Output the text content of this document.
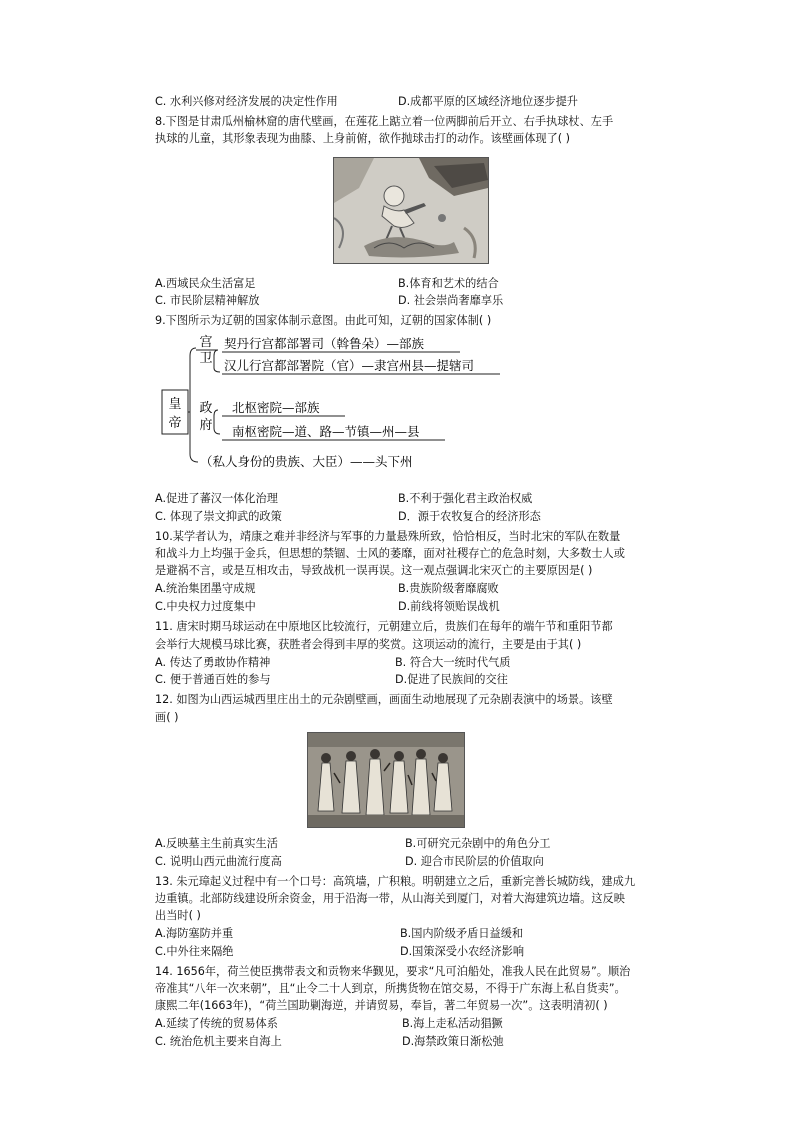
C. 水利兴修对经济发展的决定性作用	D.成都平原的区域经济地位逐步提升
8.下图是甘肃瓜州榆林窟的唐代壁画，在莲花上踮立着一位两脚前后开立、右手执球杖、左手
执球的儿童，其形象表现为曲膝、上身前俯，欲作抛球击打的动作。该壁画体现了( )
A.西域民众生活富足	B.体育和艺术的结合
C. 市民阶层精神解放	D. 社会崇尚奢靡享乐
9.下图所示为辽朝的国家体制示意图。由此可知，辽朝的国家体制( )
皇
帝
宫
卫
政
府
契丹行宫都部署司（斡鲁朵）—部族
汉儿行宫都部署院（官）—隶宫州县—提辖司
北枢密院—部族
南枢密院—道、路—节镇—州—县
（私人身份的贵族、大臣）——头下州
A.促进了蕃汉一体化治理	B.不利于强化君主政治权威
C. 体现了崇文抑武的政策	D．源于农牧复合的经济形态
10.某学者认为，靖康之难并非经济与军事的力量悬殊所致，恰恰相反，当时北宋的军队在数量
和战斗力上均强于金兵，但思想的禁锢、士风的萎靡，面对社稷存亡的危急时刻，大多数士人或
是避祸不言，或是互相攻击，导致战机一误再误。这一观点强调北宋灭亡的主要原因是( )
A.统治集团墨守成规	B.贵族阶级奢靡腐败
C.中央权力过度集中	D.前线将领贻误战机
11. 唐宋时期马球运动在中原地区比较流行，元朝建立后，贵族们在每年的端午节和重阳节都
会举行大规模马球比赛，获胜者会得到丰厚的奖赏。这项运动的流行，主要是由于其( )
A. 传达了勇敢协作精神	B. 符合大一统时代气质
C. 便于普通百姓的参与	D.促进了民族间的交往
12. 如图为山西运城西里庄出土的元杂剧壁画，画面生动地展现了元杂剧表演中的场景。该壁
画( )
A.反映墓主生前真实生活	B.可研究元杂剧中的角色分工
C. 说明山西元曲流行度高	D. 迎合市民阶层的价值取向
13. 朱元璋起义过程中有一个口号：高筑墙，广积粮。明朝建立之后，重新完善长城防线，建成九
边重镇。北部防线建设所余资金，用于沿海一带，从山海关到厦门，对着大海建筑边墙。这反映
出当时( )
A.海防塞防并重	B.国内阶级矛盾日益缓和
C.中外往来隔绝	D.国策深受小农经济影响
14. 1656年，荷兰使臣携带表文和贡物来华觐见，要求“凡可泊船处，准我人民在此贸易”。顺治
帝准其“八年一次来朝”，且“止令二十人到京，所携货物在馆交易，不得于广东海上私自货卖”。
康熙二年(1663年)，“荷兰国助剿海逆，并请贸易，奉旨，著二年贸易一次”。这表明清初( )
A.延续了传统的贸易体系	B.海上走私活动猖獗
C. 统治危机主要来自海上	D.海禁政策日渐松弛
